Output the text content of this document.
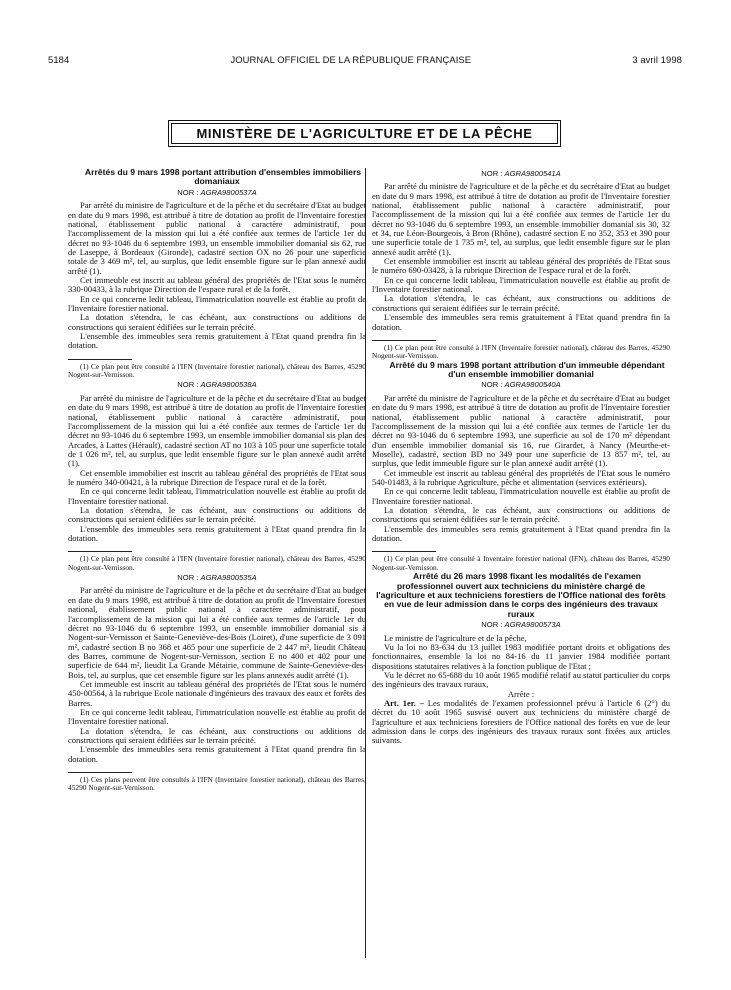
5184	JOURNAL OFFICIEL DE LA RÉPUBLIQUE FRANÇAISE	3 avril 1998
MINISTÈRE DE L'AGRICULTURE ET DE LA PÊCHE

Arrêtés du 9 mars 1998 portant attribution d'ensembles immobiliers domaniaux

NOR : AGRA9800537A

Par arrêté du ministre de l'agriculture et de la pêche et du secrétaire d'Etat au budget en date du 9 mars 1998, est attribué à titre de dotation au profit de l'Inventaire forestier national, établissement public national à caractère administratif, pour l'accomplissement de la mission qui lui a été confiée aux termes de l'article 1er du décret no 93-1046 du 6 septembre 1993, un ensemble immobilier domanial sis 62, rue de Laseppe, à Bordeaux (Gironde), cadastré section OX no 26 pour une superficie totale de 3 469 m², tel, au surplus, que ledit ensemble figure sur le plan annexé audit arrêté (1).

Cet immeuble est inscrit au tableau général des propriétés de l'Etat sous le numéro 330-00433, à la rubrique Direction de l'espace rural et de la forêt.

En ce qui concerne ledit tableau, l'immatriculation nouvelle est établie au profit de l'Inventaire forestier national.

La dotation s'étendra, le cas échéant, aux constructions ou additions de constructions qui seraient édifiées sur le terrain précité.

L'ensemble des immeubles sera remis gratuitement à l'Etat quand prendra fin la dotation.

(1) Ce plan peut être consulté à l'IFN (Inventaire forestier national), château des Barres, 45290 Nogent-sur-Vernisson.

NOR : AGRA9800538A

Par arrêté du ministre de l'agriculture et de la pêche et du secrétaire d'Etat au budget en date du 9 mars 1998, est attribué à titre de dotation au profit de l'Inventaire forestier national, établissement public national à caractère administratif, pour l'accomplissement de la mission qui lui a été confiée aux termes de l'article 1er du décret no 93-1046 du 6 septembre 1993, un ensemble immobilier domanial sis plan des Arcades, à Lattes (Hérault), cadastré section AT no 103 à 105 pour une superficie totale de 1 026 m², tel, au surplus, que ledit ensemble figure sur le plan annexé audit arrêté (1).

Cet ensemble immobilier est inscrit au tableau général des propriétés de l'Etat sous le numéro 340-00421, à la rubrique Direction de l'espace rural et de la forêt.

En ce qui concerne ledit tableau, l'immatriculation nouvelle est établie au profit de l'Inventaire forestier national.

La dotation s'étendra, le cas échéant, aux constructions ou additions de constructions qui seraient édifiées sur le terrain précité.

L'ensemble des immeubles sera remis gratuitement à l'Etat quand prendra fin la dotation.

(1) Ce plan peut être consulté à l'IFN (Inventaire forestier national), château des Barres, 45290 Nogent-sur-Vernisson.

NOR : AGRA9800535A

Par arrêté du ministre de l'agriculture et de la pêche et du secrétaire d'Etat au budget en date du 9 mars 1998, est attribué à titre de dotation au profit de l'Inventaire forestier national, établissement public national à caractère administratif, pour l'accomplissement de la mission qui lui a été confiée aux termes de l'article 1er du décret no 93-1046 du 6 septembre 1993, un ensemble immobilier domanial sis à Nogent-sur-Vernisson et Sainte-Geneviève-des-Bois (Loiret), d'une superficie de 3 091 m², cadastré section B no 368 et 465 pour une superficie de 2 447 m², lieudit Château des Barres, commune de Nogent-sur-Vernisson, section E no 400 et 402 pour une superficie de 644 m², lieudit La Grande Métairie, commune de Sainte-Geneviève-des-Bois, tel, au surplus, que cet ensemble figure sur les plans annexés audit arrêté (1).

Cet immeuble est inscrit au tableau général des propriétés de l'Etat sous le numéro 450-00564, à la rubrique Ecole nationale d'ingénieurs des travaux des eaux et forêts des Barres.

En ce qui concerne ledit tableau, l'immatriculation nouvelle est établie au profit de l'Inventaire forestier national.

La dotation s'étendra, le cas échéant, aux constructions ou additions de constructions qui seraient édifiées sur le terrain précité.

L'ensemble des immeubles sera remis gratuitement à l'Etat quand prendra fin la dotation.

(1) Ces plans peuvent être consultés à l'IFN (Inventaire forestier national), château des Barres, 45290 Nogent-sur-Vernisson.

NOR : AGRA9800541A

Par arrêté du ministre de l'agriculture et de la pêche et du secrétaire d'Etat au budget en date du 9 mars 1998, est attribué à titre de dotation au profit de l'Inventaire forestier national, établissement public national à caractère administratif, pour l'accomplissement de la mission qui lui a été confiée aux termes de l'article 1er du décret no 93-1046 du 6 septembre 1993, un ensemble immobilier domanial sis 30, 32 et 34, rue Léon-Bourgeois, à Bron (Rhône), cadastré section E no 352, 353 et 390 pour une superficie totale de 1 735 m², tel, au surplus, que ledit ensemble figure sur le plan annexé audit arrêté (1).

Cet ensemble immobilier est inscrit au tableau général des propriétés de l'Etat sous le numéro 690-03428, à la rubrique Direction de l'espace rural et de la forêt.

En ce qui concerne ledit tableau, l'immatriculation nouvelle est établie au profit de l'Inventaire forestier national.

La dotation s'étendra, le cas échéant, aux constructions ou additions de constructions qui seraient édifiées sur le terrain précité.

L'ensemble des immeubles sera remis gratuitement à l'Etat quand prendra fin la dotation.

(1) Ce plan peut être consulté à l'IFN (Inventaire forestier national), château des Barres, 45290 Nogent-sur-Vernisson.

Arrêté du 9 mars 1998 portant attribution d'un immeuble dépendant d'un ensemble immobilier domanial

NOR : AGRA9800540A

Par arrêté du ministre de l'agriculture et de la pêche et du secrétaire d'Etat au budget en date du 9 mars 1998, est attribué à titre de dotation au profit de l'Inventaire forestier national, établissement public national à caractère administratif, pour l'accomplissement de la mission qui lui a été confiée aux termes de l'article 1er du décret no 93-1046 du 6 septembre 1993, une superficie au sol de 170 m² dépendant d'un ensemble immobilier domanial sis 16, rue Girardet, à Nancy (Meurthe-et-Moselle), cadastré, section BD no 349 pour une superficie de 13 857 m², tel, au surplus, que ledit immeuble figure sur le plan annexé audit arrêté (1).

Cet immeuble est inscrit au tableau général des propriétés de l'Etat sous le numéro 540-01483, à la rubrique Agriculture, pêche et alimentation (services extérieurs).

En ce qui concerne ledit tableau, l'immatriculation nouvelle est établie au profit de l'Inventaire forestier national.

La dotation s'étendra, le cas échéant, aux constructions ou additions de constructions qui seraient édifiées sur le terrain précité.

L'ensemble des immeubles sera remis gratuitement à l'Etat quand prendra fin la dotation.

(1) Ce plan peut être consulté à Inventaire forestier national (IFN), château des Barres, 45290 Nogent-sur-Vernisson.

Arrêté du 26 mars 1998 fixant les modalités de l'examen professionnel ouvert aux techniciens du ministère chargé de l'agriculture et aux techniciens forestiers de l'Office national des forêts en vue de leur admission dans le corps des ingénieurs des travaux ruraux

NOR : AGRA9800573A

Le ministre de l'agriculture et de la pêche,

Vu la loi no 83-634 du 13 juillet 1983 modifiée portant droits et obligations des fonctionnaires, ensemble la loi no 84-16 du 11 janvier 1984 modifiée portant dispositions statutaires relatives à la fonction publique de l'Etat ;

Vu le décret no 65-688 du 10 août 1965 modifié relatif au statut particulier du corps des ingénieurs des travaux ruraux,

Arrête :

Art. 1er. – Les modalités de l'examen professionnel prévu à l'article 6 (2°) du décret du 10 août 1965 susvisé ouvert aux techniciens du ministère chargé de l'agriculture et aux techniciens forestiers de l'Office national des forêts en vue de leur admission dans le corps des ingénieurs des travaux ruraux sont fixées aux articles suivants.
